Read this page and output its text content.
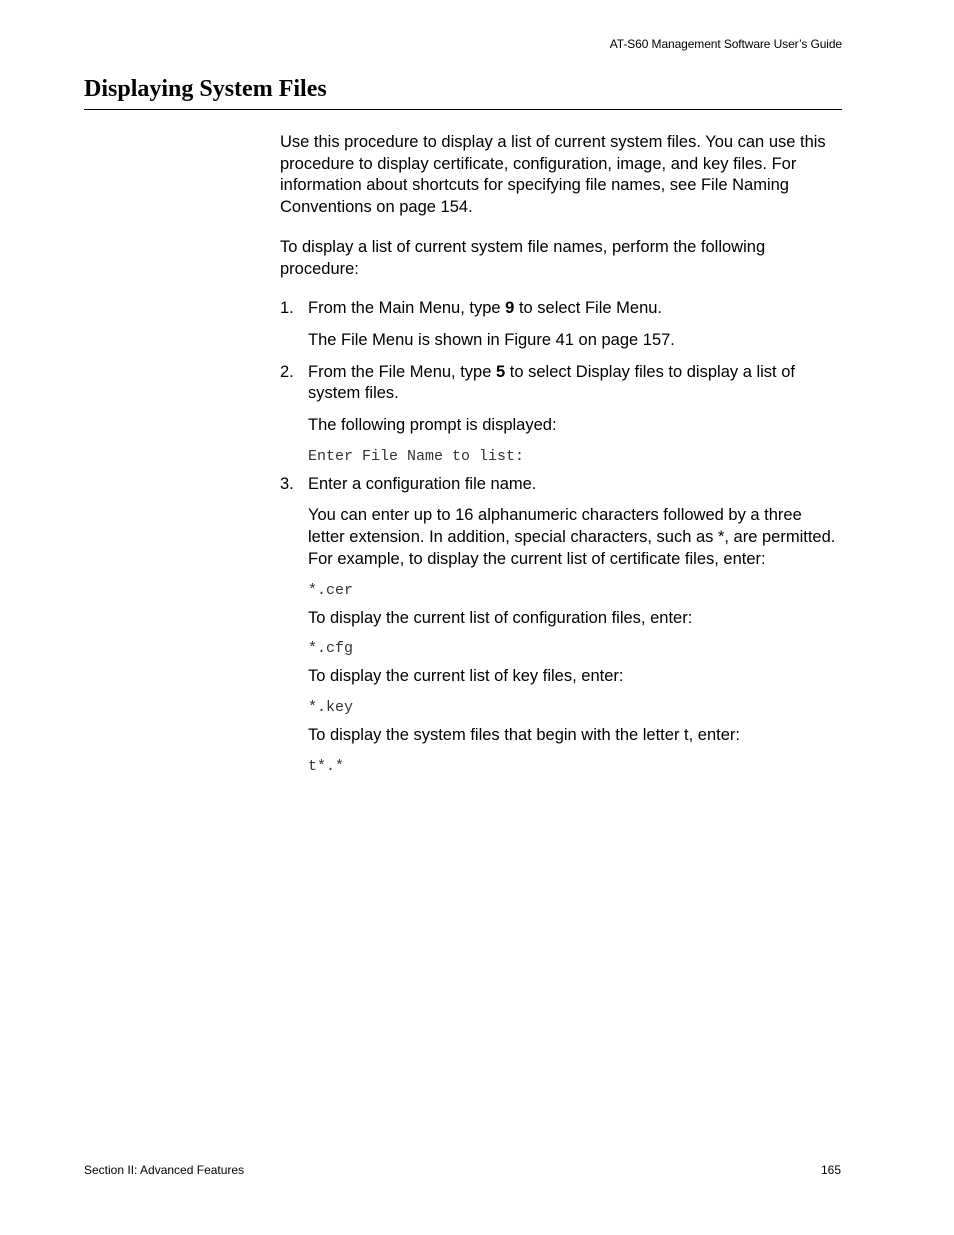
AT-S60 Management Software User’s Guide
Displaying System Files

Use this procedure to display a list of current system files. You can use this procedure to display certificate, configuration, image, and key files. For information about shortcuts for specifying file names, see File Naming Conventions on page 154.

To display a list of current system file names, perform the following procedure:

1. From the Main Menu, type 9 to select File Menu.

The File Menu is shown in Figure 41 on page 157.

2. From the File Menu, type 5 to select Display files to display a list of system files.

The following prompt is displayed:

Enter File Name to list:

3. Enter a configuration file name.

You can enter up to 16 alphanumeric characters followed by a three letter extension. In addition, special characters, such as *, are permitted. For example, to display the current list of certificate files, enter:

*.cer

To display the current list of configuration files, enter:

*.cfg

To display the current list of key files, enter:

*.key

To display the system files that begin with the letter t, enter:

t*.*

Section II: Advanced Features	165
